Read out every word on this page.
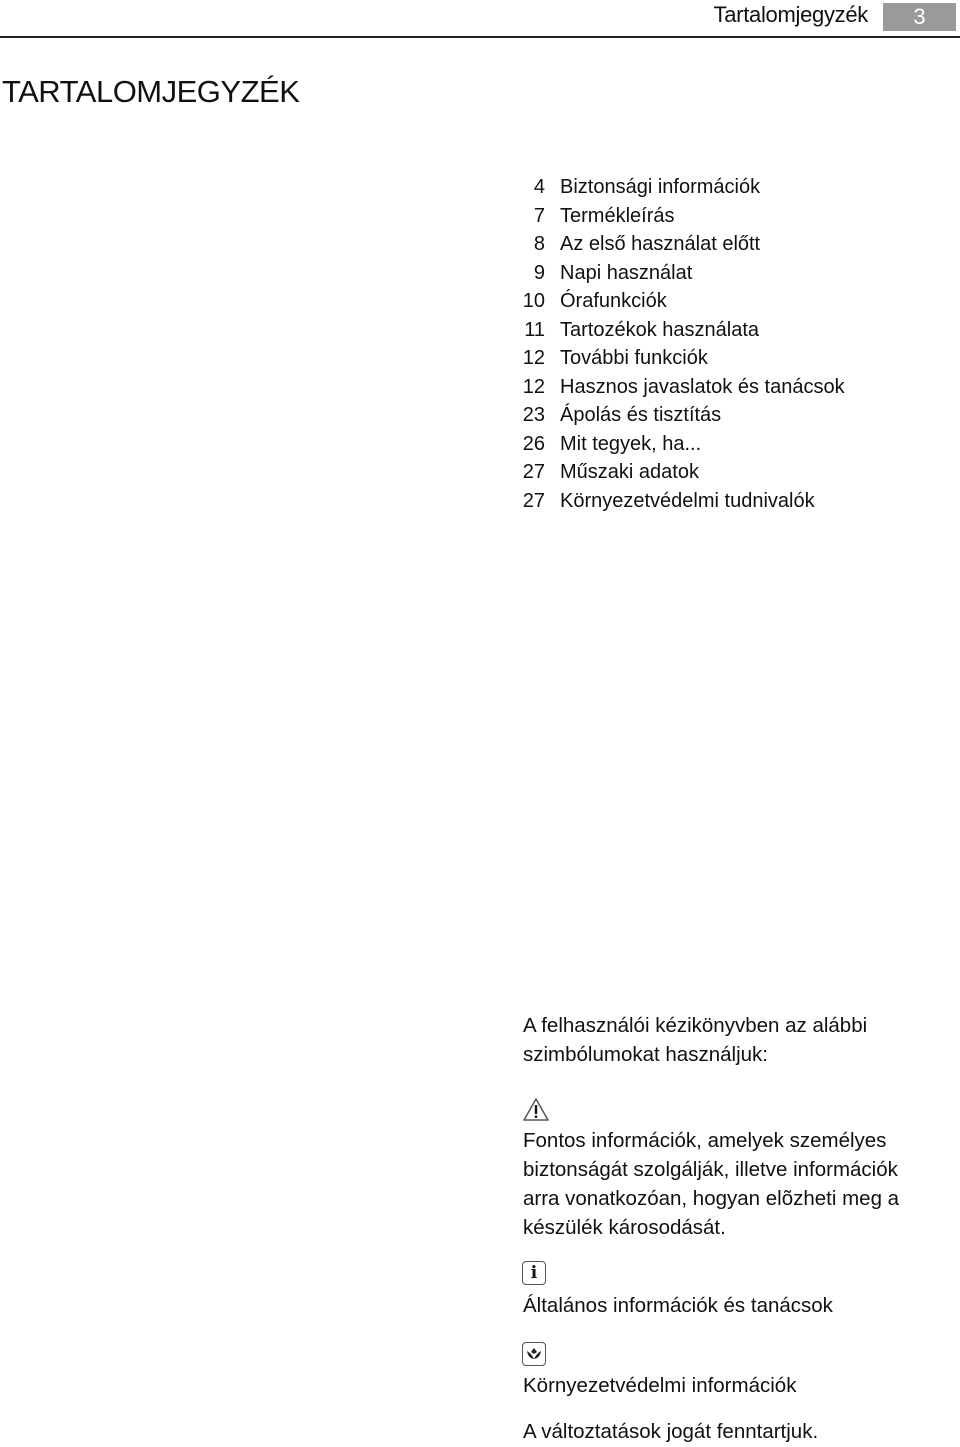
Tartalomjegyzék	3
TARTALOMJEGYZÉK
4 Biztonsági információk
7 Termékleírás
8 Az első használat előtt
9 Napi használat
10 Órafunkciók
11 Tartozékok használata
12 További funkciók
12 Hasznos javaslatok és tanácsok
23 Ápolás és tisztítás
26 Mit tegyek, ha...
27 Műszaki adatok
27 Környezetvédelmi tudnivalók
A felhasználói kézikönyvben az alábbi
szimbólumokat használjuk:
Fontos információk, amelyek személyes
biztonságát szolgálják, illetve információk
arra vonatkozóan, hogyan elõzheti meg a
készülék károsodását.
i
Általános információk és tanácsok
Környezetvédelmi információk
A változtatások jogát fenntartjuk.
